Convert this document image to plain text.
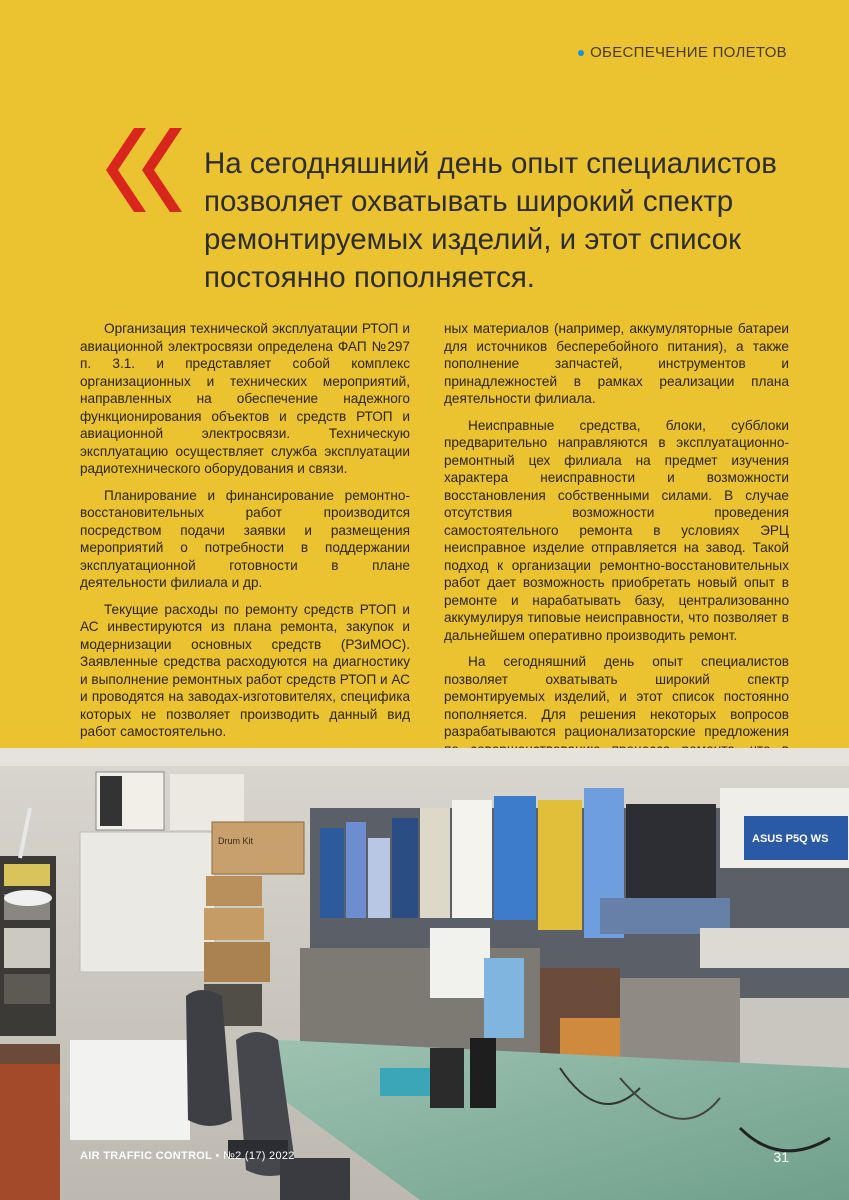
ОБЕСПЕЧЕНИЕ ПОЛЕТОВ
На сегодняшний день опыт специалистов позволяет охватывать широкий спектр ремонтируемых изделий, и этот список постоянно пополняется.

Организация технической эксплуатации РТОП и авиационной электросвязи определена ФАП №297 п. 3.1. и представляет собой комплекс организационных и технических мероприятий, направленных на обеспечение надежного функционирования объектов и средств РТОП и авиационной электросвязи. Техническую эксплуатацию осуществляет служба эксплуатации радиотехнического оборудования и связи.

Планирование и финансирование ремонтно-восстановительных работ производится посредством подачи заявки и размещения мероприятий о потребности в поддержании эксплуатационной готовности в плане деятельности филиала и др.

Текущие расходы по ремонту средств РТОП и АС инвестируются из плана ремонта, закупок и модернизации основных средств (РЗиМОС). Заявленные средства расходуются на диагностику и выполнение ремонтных работ средств РТОП и АС и проводятся на заводах-изготовителях, специфика которых не позволяет производить данный вид работ самостоятельно.

ных материалов (например, аккумуляторные батареи для источников бесперебойного питания), а также пополнение запчастей, инструментов и принадлежностей в рамках реализации плана деятельности филиала.

Неисправные средства, блоки, субблоки предварительно направляются в эксплуатационно-ремонтный цех филиала на предмет изучения характера неисправности и возможности восстановления собственными силами. В случае отсутствия возможности проведения самостоятельного ремонта в условиях ЭРЦ неисправное изделие отправляется на завод. Такой подход к организации ремонтно-восстановительных работ дает возможность приобретать новый опыт в ремонте и нарабатывать базу, централизованно аккумулируя типовые неисправности, что позволяет в дальнейшем оперативно производить ремонт.

На сегодняшний день опыт специалистов позволяет охватывать широкий спектр ремонтируемых изделий, и этот список постоянно пополняется. Для решения некоторых вопросов разрабатываются рационализаторские предложения

Drum Kit	ASUS P5Q WS
AIR TRAFFIC CONTROL • №2 (17) 2022	31
